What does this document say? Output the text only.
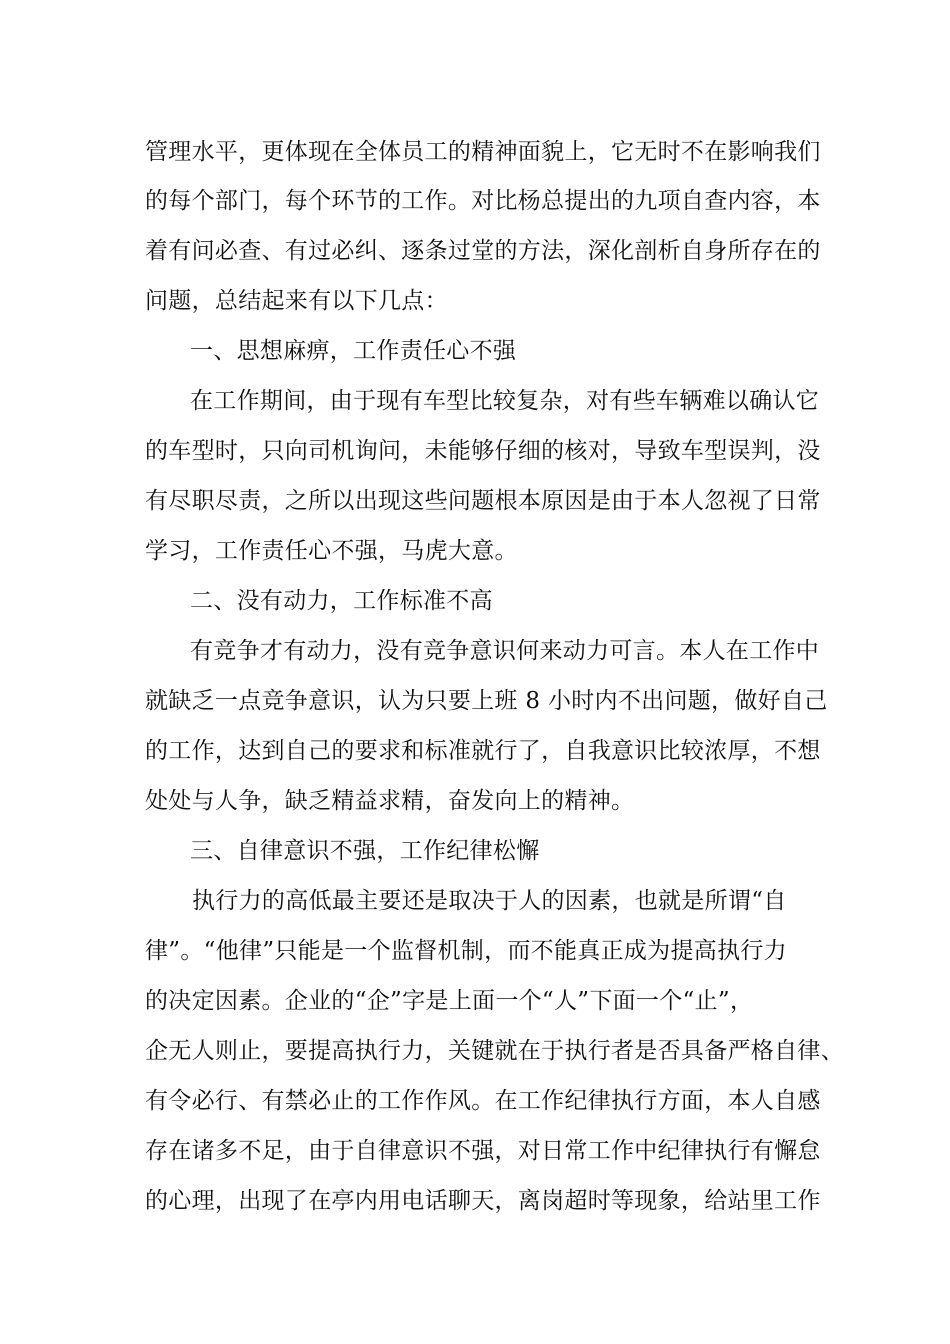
管理水平，更体现在全体员工的精神面貌上，它无时不在影响我们
的每个部门，每个环节的工作。对比杨总提出的九项自查内容，本
着有问必查、有过必纠、逐条过堂的方法，深化剖析自身所存在的
问题，总结起来有以下几点：
一、思想麻痹，工作责任心不强
在工作期间，由于现有车型比较复杂，对有些车辆难以确认它
的车型时，只向司机询问，未能够仔细的核对，导致车型误判，没
有尽职尽责，之所以出现这些问题根本原因是由于本人忽视了日常
学习，工作责任心不强，马虎大意。
二、没有动力，工作标准不高
有竞争才有动力，没有竞争意识何来动力可言。本人在工作中
就缺乏一点竞争意识，认为只要上班 8 小时内不出问题，做好自己
的工作，达到自己的要求和标准就行了，自我意识比较浓厚，不想
处处与人争，缺乏精益求精，奋发向上的精神。
三、自律意识不强，工作纪律松懈
执行力的高低最主要还是取决于人的因素，也就是所谓“自
律”。“他律”只能是一个监督机制，而不能真正成为提高执行力
的决定因素。企业的“企”字是上面一个“人”下面一个“止”，
企无人则止，要提高执行力，关键就在于执行者是否具备严格自律、
有令必行、有禁必止的工作作风。在工作纪律执行方面，本人自感
存在诸多不足，由于自律意识不强，对日常工作中纪律执行有懈怠
的心理，出现了在亭内用电话聊天，离岗超时等现象，给站里工作
